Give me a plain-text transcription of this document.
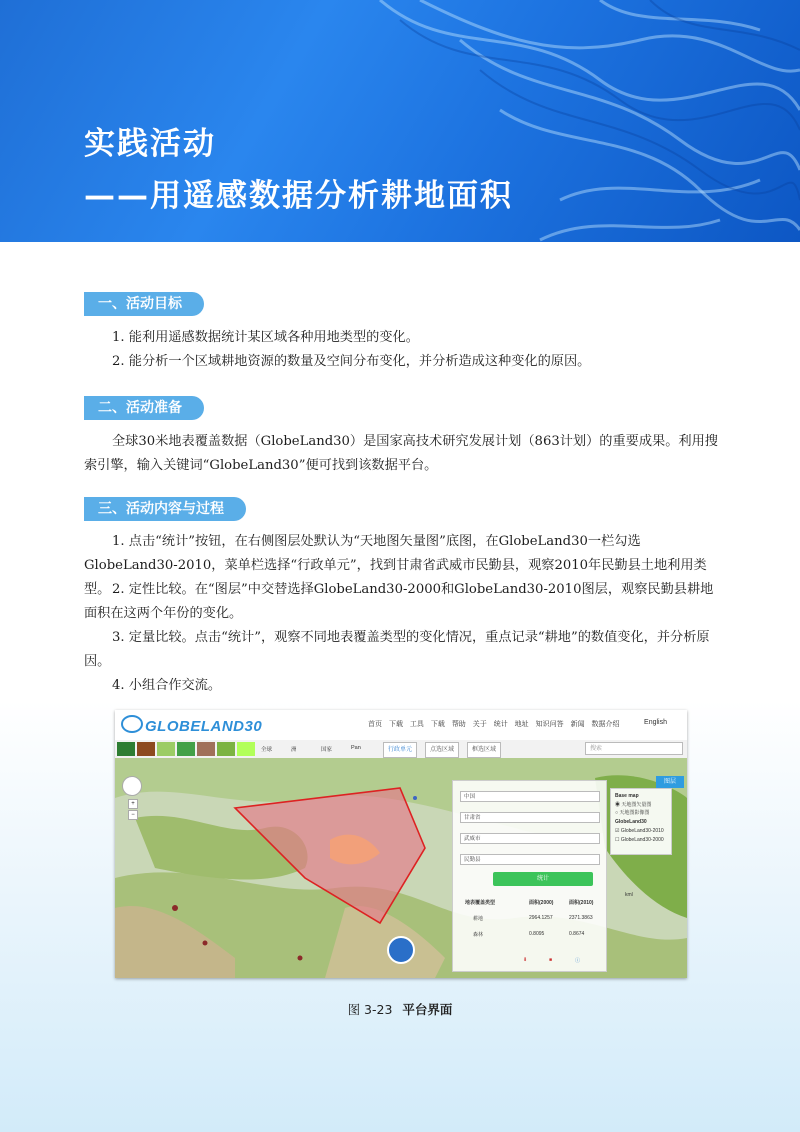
实践活动
——用遥感数据分析耕地面积
一、活动目标
1. 能利用遥感数据统计某区域各种用地类型的变化。
2. 能分析一个区域耕地资源的数量及空间分布变化，并分析造成这种变化的原因。
二、活动准备
全球30米地表覆盖数据（GlobeLand30）是国家高技术研究发展计划（863计划）的重要成果。利用搜索引擎，输入关键词“GlobeLand30”便可找到该数据平台。
三、活动内容与过程
1. 点击“统计”按钮，在右侧图层处默认为“天地图矢量图”底图，在GlobeLand30一栏勾选GlobeLand30-2010，菜单栏选择“行政单元”，找到甘肃省武威市民勤县，观察2010年民勤县土地利用类型。 2. 定性比较。在“图层”中交替选择GlobeLand30-2000和GlobeLand30-2010图层，观察民勤县耕地面积在这两个年份的变化。
3. 定量比较。点击“统计”，观察不同地表覆盖类型的变化情况，重点记录“耕地”的数值变化，并分析原因。
4. 小组合作交流。
GLOBELAND30	首页 下载 工具 下载 帮助 关于 统计 地址 知识问答 新闻 数据介绍	English
全球	洲	国家	Pan	行政单元	点选区域	框选区域	搜索
+
−
中国
甘肃省
武威市
民勤县
统计
地表覆盖类型	面积(2000)	面积(2010)
耕地	2964.1257	2371.3863
森林	0.8095	0.8674
⬇	■	ⓘ
图层
Base map
◉ 天地图矢量图
○ 天地图影像图
GlobeLand30
☑ GlobeLand30-2010
☐ GlobeLand30-2000
kml
图 3-23 平台界面
